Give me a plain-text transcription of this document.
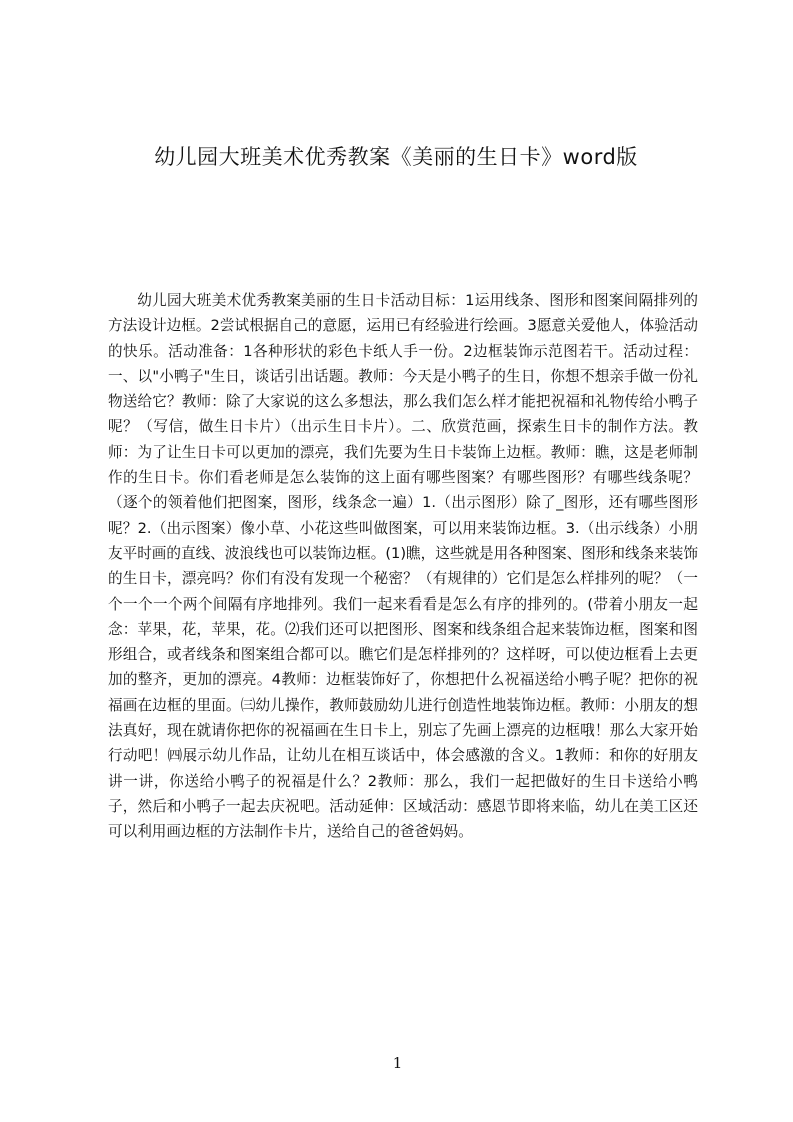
幼儿园大班美术优秀教案《美丽的生日卡》word版

幼儿园大班美术优秀教案美丽的生日卡活动目标：1运用线条、图形和图案间隔排列的方法设计边框。2尝试根据自己的意愿，运用已有经验进行绘画。3愿意关爱他人，体验活动的快乐。活动准备：1各种形状的彩色卡纸人手一份。2边框装饰示范图若干。活动过程：一、以"小鸭子"生日，谈话引出话题。教师：今天是小鸭子的生日，你想不想亲手做一份礼物送给它？教师：除了大家说的这么多想法，那么我们怎么样才能把祝福和礼物传给小鸭子呢？（写信，做生日卡片）（出示生日卡片）。二、欣赏范画，探索生日卡的制作方法。教师：为了让生日卡可以更加的漂亮，我们先要为生日卡装饰上边框。教师：瞧，这是老师制作的生日卡。你们看老师是怎么装饰的这上面有哪些图案？有哪些图形？有哪些线条呢？（逐个的领着他们把图案，图形，线条念一遍）1.（出示图形）除了_图形，还有哪些图形呢？2.（出示图案）像小草、小花这些叫做图案，可以用来装饰边框。3.（出示线条）小朋友平时画的直线、波浪线也可以装饰边框。(1)瞧，这些就是用各种图案、图形和线条来装饰的生日卡，漂亮吗？你们有没有发现一个秘密？（有规律的）它们是怎么样排列的呢？（一个一个一个两个间隔有序地排列。我们一起来看看是怎么有序的排列的。(带着小朋友一起念：苹果，花，苹果，花。⑵我们还可以把图形、图案和线条组合起来装饰边框，图案和图形组合，或者线条和图案组合都可以。瞧它们是怎样排列的？这样呀，可以使边框看上去更加的整齐，更加的漂亮。4教师：边框装饰好了，你想把什么祝福送给小鸭子呢？把你的祝福画在边框的里面。㈢幼儿操作，教师鼓励幼儿进行创造性地装饰边框。教师：小朋友的想法真好，现在就请你把你的祝福画在生日卡上，别忘了先画上漂亮的边框哦！那么大家开始行动吧！㈣展示幼儿作品，让幼儿在相互谈话中，体会感激的含义。1教师：和你的好朋友讲一讲，你送给小鸭子的祝福是什么？2教师：那么，我们一起把做好的生日卡送给小鸭子，然后和小鸭子一起去庆祝吧。活动延伸：区域活动：感恩节即将来临，幼儿在美工区还可以利用画边框的方法制作卡片，送给自己的爸爸妈妈。

1
